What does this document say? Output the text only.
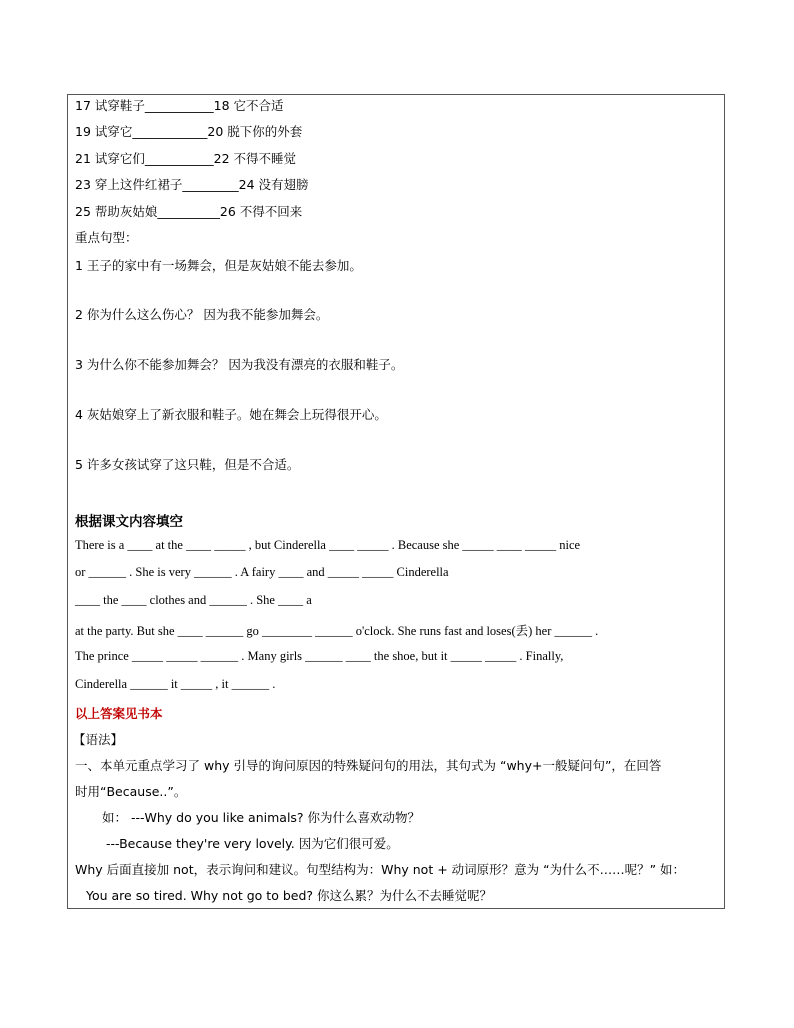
17 试穿鞋子___________18 它不合适
19 试穿它____________20 脱下你的外套
21 试穿它们___________22 不得不睡觉
23 穿上这件红裙子_________24 没有翅膀
25 帮助灰姑娘__________26 不得不回来
重点句型：
1 王子的家中有一场舞会，但是灰姑娘不能去参加。
2 你为什么这么伤心？ 因为我不能参加舞会。
3 为什么你不能参加舞会？ 因为我没有漂亮的衣服和鞋子。
4 灰姑娘穿上了新衣服和鞋子。她在舞会上玩得很开心。
5 许多女孩试穿了这只鞋，但是不合适。
根据课文内容填空
There is a ____ at the ____ _____ , but Cinderella ____ _____ . Because she _____ ____ _____ nice
or ______ . She is very ______ . A fairy ____ and _____ _____ Cinderella
____ the ____ clothes and ______ . She ____ a
at the party. But she ____ ______ go ________ ______ o'clock. She runs fast and loses(丢) her ______ .
The prince _____ _____ ______ . Many girls ______ ____ the shoe, but it _____ _____ . Finally,
Cinderella ______ it _____ , it ______ .
以上答案见书本
【语法】
一、本单元重点学习了 why 引导的询问原因的特殊疑问句的用法，其句式为 “why+一般疑问句”，在回答
时用“Because..”。
如： ---Why do you like animals? 你为什么喜欢动物？
---Because they're very lovely. 因为它们很可爱。
Why 后面直接加 not，表示询问和建议。句型结构为：Why not + 动词原形？意为 “为什么不……呢？” 如：
You are so tired. Why not go to bed? 你这么累？为什么不去睡觉呢？
